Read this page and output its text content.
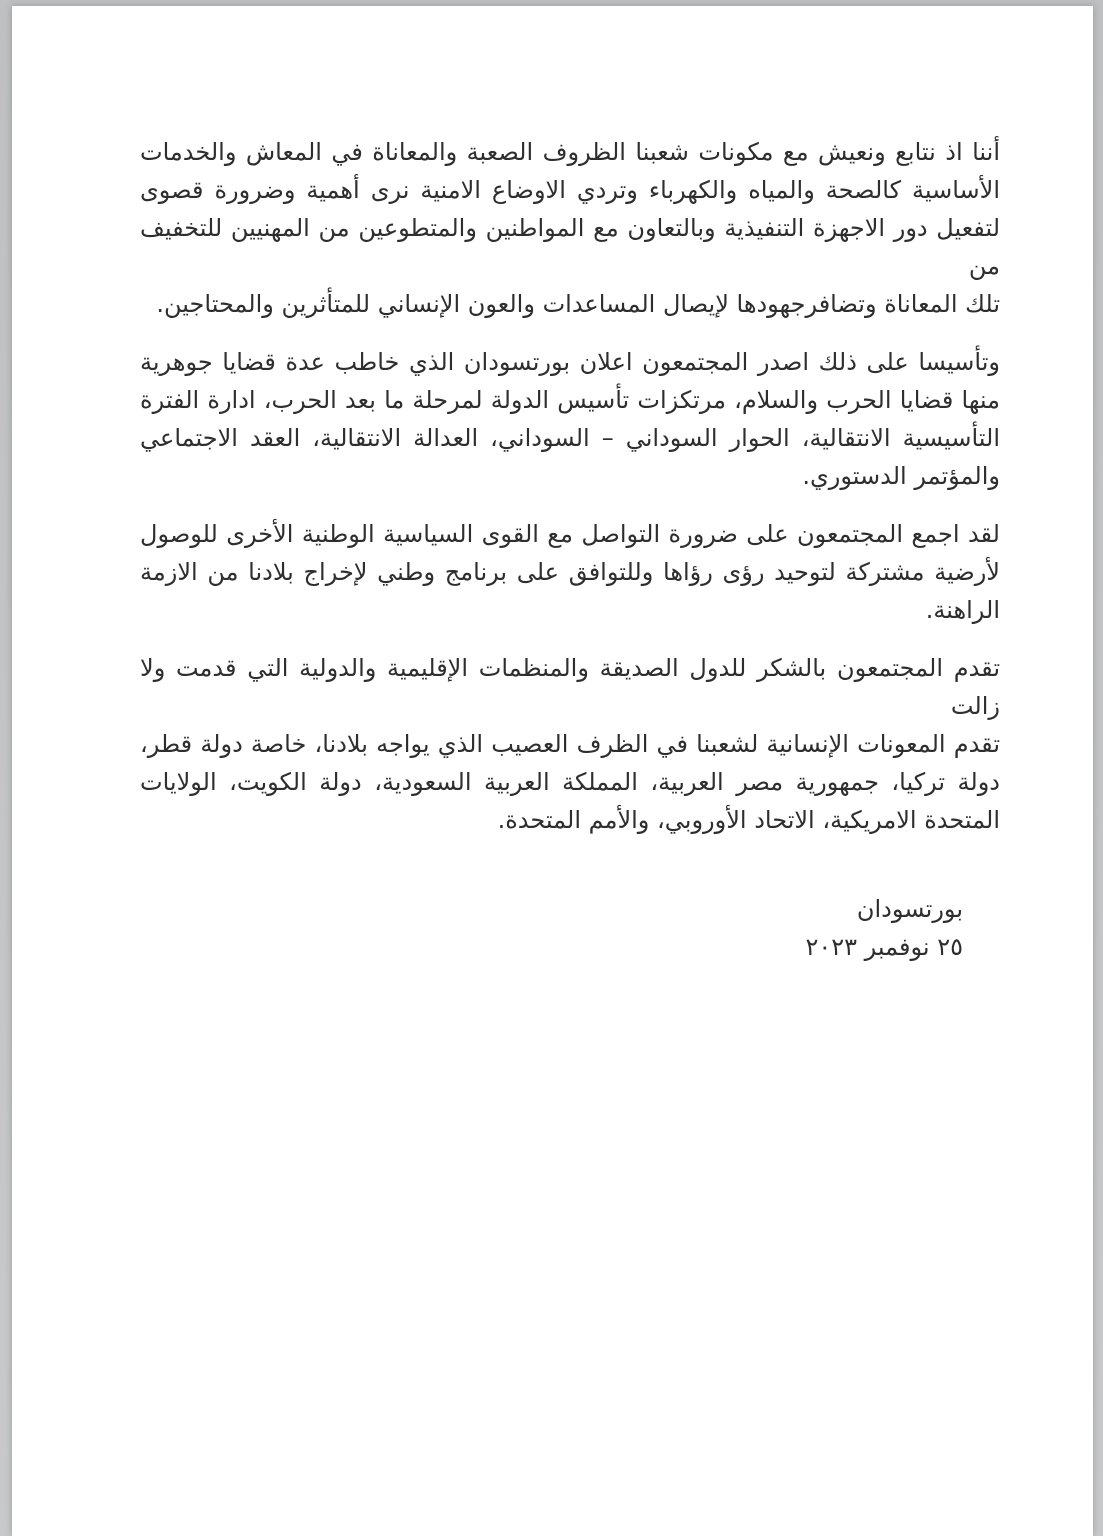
أننا اذ نتابع ونعيش مع مكونات شعبنا الظروف الصعبة والمعاناة في المعاش والخدمات
الأساسية كالصحة والمياه والكهرباء وتردي الاوضاع الامنية نرى أهمية وضرورة قصوى
لتفعيل دور الاجهزة التنفيذية وبالتعاون مع المواطنين والمتطوعين من المهنيين للتخفيف من
تلك المعاناة وتضافرجهودها لإيصال المساعدات والعون الإنساني للمتأثرين والمحتاجين.

وتأسيسا على ذلك اصدر المجتمعون اعلان بورتسودان الذي خاطب عدة قضايا جوهرية
منها قضايا الحرب والسلام، مرتكزات تأسيس الدولة لمرحلة ما بعد الحرب، ادارة الفترة
التأسيسية الانتقالية، الحوار السوداني – السوداني، العدالة الانتقالية، العقد الاجتماعي
والمؤتمر الدستوري.

لقد اجمع المجتمعون على ضرورة التواصل مع القوى السياسية الوطنية الأخرى للوصول
لأرضية مشتركة لتوحيد رؤى رؤاها وللتوافق على برنامج وطني لإخراج بلادنا من الازمة
الراهنة.

تقدم المجتمعون بالشكر للدول الصديقة والمنظمات الإقليمية والدولية التي قدمت ولا زالت
تقدم المعونات الإنسانية لشعبنا في الظرف العصيب الذي يواجه بلادنا، خاصة دولة قطر،
دولة تركيا، جمهورية مصر العربية، المملكة العربية السعودية، دولة الكويت، الولايات
المتحدة الامريكية، الاتحاد الأوروبي، والأمم المتحدة.

بورتسودان
٢٥ نوفمبر ٢٠٢٣
